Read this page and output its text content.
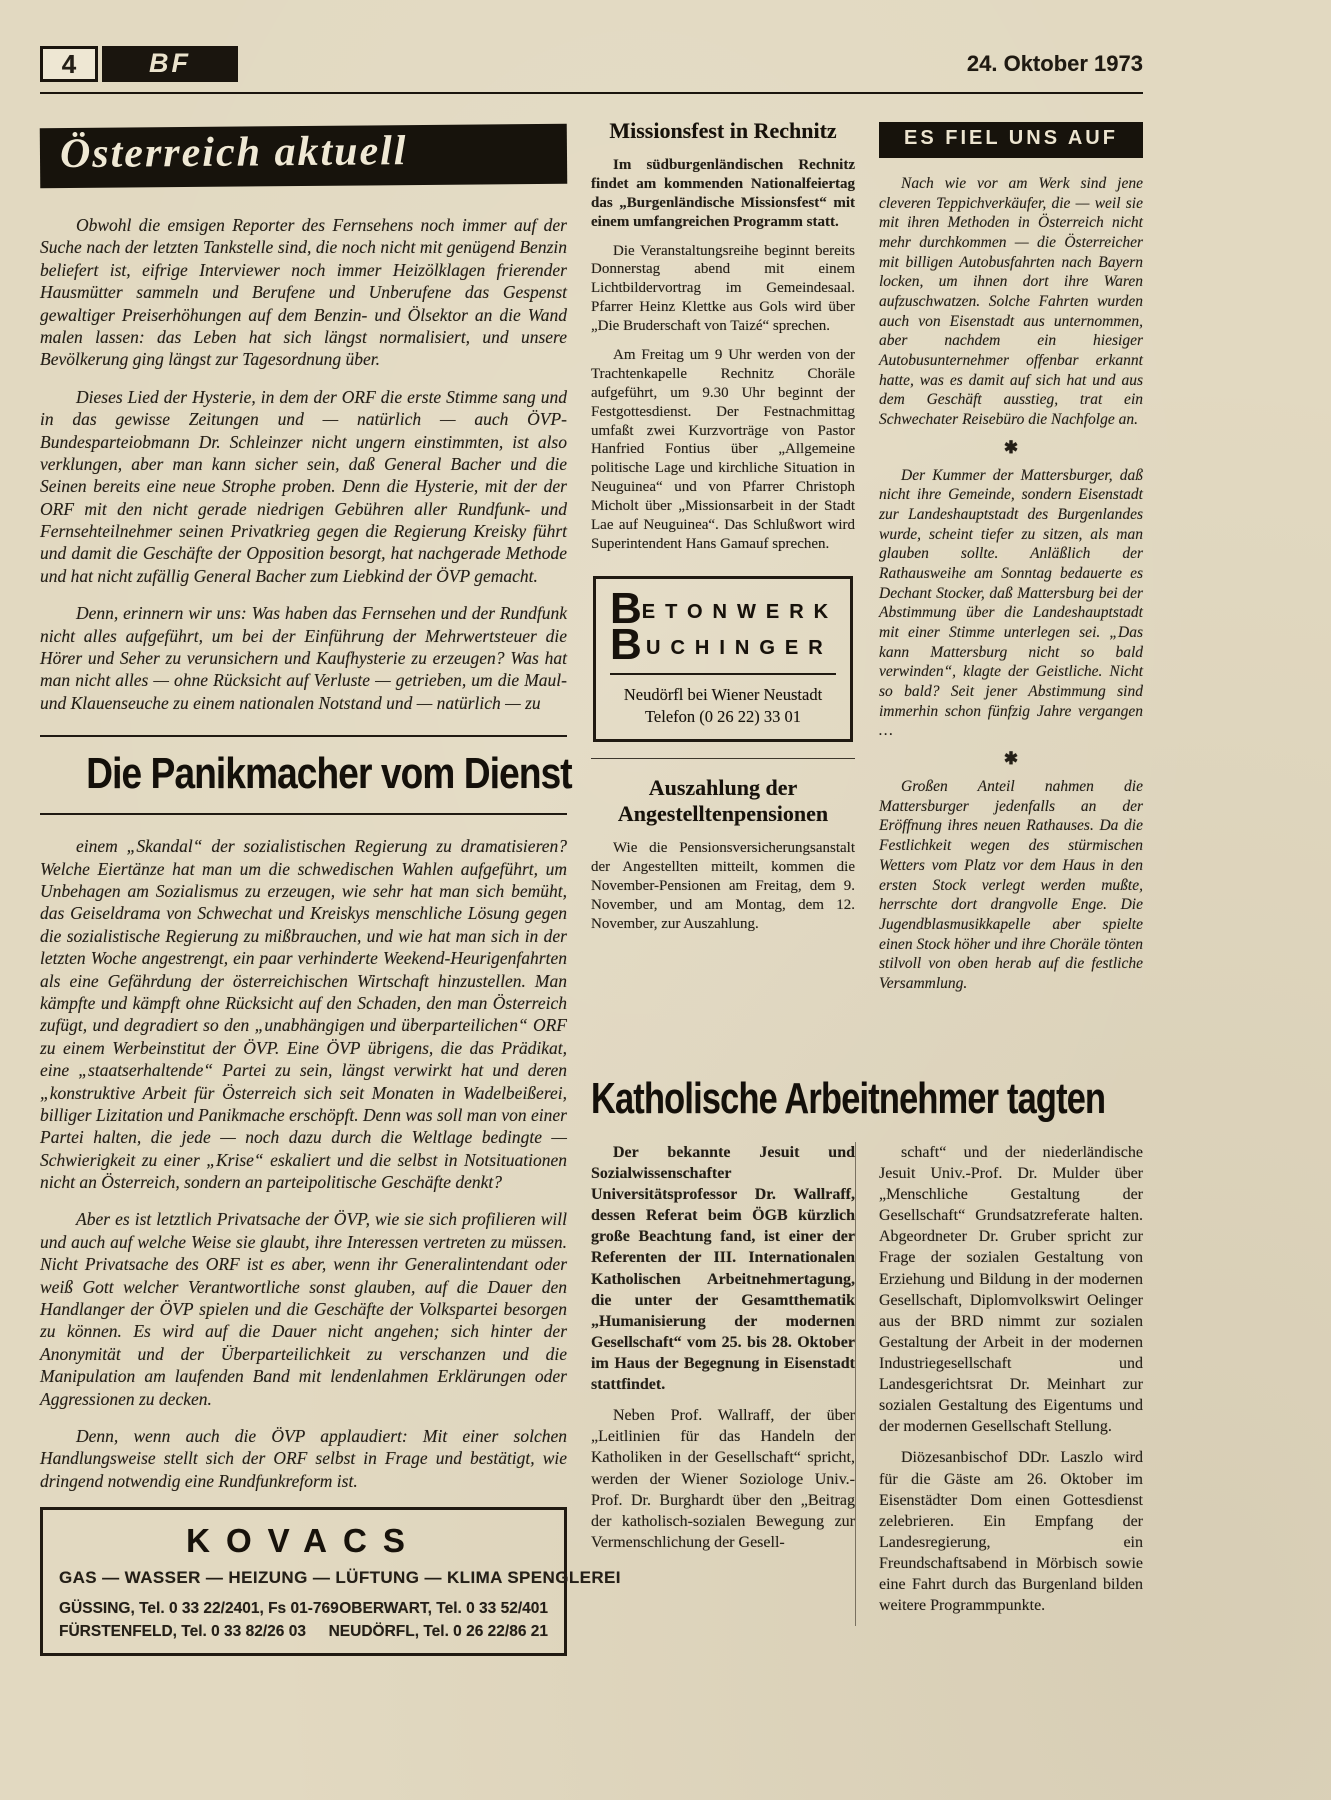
4	BF	24. Oktober 1973
Österreich aktuell

Obwohl die emsigen Reporter des Fernsehens noch immer auf der Suche nach der letzten Tankstelle sind, die noch nicht mit genügend Benzin beliefert ist, eifrige Interviewer noch immer Heizölklagen frierender Hausmütter sammeln und Berufene und Unberufene das Gespenst gewaltiger Preiserhöhungen auf dem Benzin- und Ölsektor an die Wand malen lassen: das Leben hat sich längst normalisiert, und unsere Bevölkerung ging längst zur Tagesordnung über.

Dieses Lied der Hysterie, in dem der ORF die erste Stimme sang und in das gewisse Zeitungen und — natürlich — auch ÖVP-Bundesparteiobmann Dr. Schleinzer nicht ungern einstimmten, ist also verklungen, aber man kann sicher sein, daß General Bacher und die Seinen bereits eine neue Strophe proben. Denn die Hysterie, mit der der ORF mit den nicht gerade niedrigen Gebühren aller Rundfunk- und Fernsehteilnehmer seinen Privatkrieg gegen die Regierung Kreisky führt und damit die Geschäfte der Opposition besorgt, hat nachgerade Methode und hat nicht zufällig General Bacher zum Liebkind der ÖVP gemacht.

Denn, erinnern wir uns: Was haben das Fernsehen und der Rundfunk nicht alles aufgeführt, um bei der Einführung der Mehrwertsteuer die Hörer und Seher zu verunsichern und Kaufhysterie zu erzeugen? Was hat man nicht alles — ohne Rücksicht auf Verluste — getrieben, um die Maul- und Klauenseuche zu einem nationalen Notstand und — natürlich — zu

Die Panikmacher vom Dienst

einem „Skandal“ der sozialistischen Regierung zu dramatisieren? Welche Eiertänze hat man um die schwedischen Wahlen aufgeführt, um Unbehagen am Sozialismus zu erzeugen, wie sehr hat man sich bemüht, das Geiseldrama von Schwechat und Kreiskys menschliche Lösung gegen die sozialistische Regierung zu mißbrauchen, und wie hat man sich in der letzten Woche angestrengt, ein paar verhinderte Weekend-Heurigenfahrten als eine Gefährdung der österreichischen Wirtschaft hinzustellen. Man kämpfte und kämpft ohne Rücksicht auf den Schaden, den man Österreich zufügt, und degradiert so den „unabhängigen und überparteilichen“ ORF zu einem Werbeinstitut der ÖVP. Eine ÖVP übrigens, die das Prädikat, eine „staatserhaltende“ Partei zu sein, längst verwirkt hat und deren „konstruktive Arbeit für Österreich sich seit Monaten in Wadelbeißerei, billiger Lizitation und Panikmache erschöpft. Denn was soll man von einer Partei halten, die jede — noch dazu durch die Weltlage bedingte — Schwierigkeit zu einer „Krise“ eskaliert und die selbst in Notsituationen nicht an Österreich, sondern an parteipolitische Geschäfte denkt?

Aber es ist letztlich Privatsache der ÖVP, wie sie sich profilieren will und auch auf welche Weise sie glaubt, ihre Interessen vertreten zu müssen. Nicht Privatsache des ORF ist es aber, wenn ihr Generalintendant oder weiß Gott welcher Verantwortliche sonst glauben, auf die Dauer den Handlanger der ÖVP spielen und die Geschäfte der Volkspartei besorgen zu können. Es wird auf die Dauer nicht angehen; sich hinter der Anonymität und der Überparteilichkeit zu verschanzen und die Manipulation am laufenden Band mit lendenlahmen Erklärungen oder Aggressionen zu decken.

Denn, wenn auch die ÖVP applaudiert: Mit einer solchen Handlungsweise stellt sich der ORF selbst in Frage und bestätigt, wie dringend notwendig eine Rundfunkreform ist.

KOVACS
GAS — WASSER — HEIZUNG — LÜFTUNG — KLIMA SPENGLEREI
GÜSSING, Tel. 0 33 22/2401, Fs 01-769 OBERWART, Tel. 0 33 52/401
FÜRSTENFELD, Tel. 0 33 82/26 03 NEUDÖRFL, Tel. 0 26 22/86 21
Missionsfest in Rechnitz

Im südburgenländischen Rechnitz findet am kommenden Nationalfeiertag das „Burgenländische Missionsfest“ mit einem umfangreichen Programm statt.

Die Veranstaltungsreihe beginnt bereits Donnerstag abend mit einem Lichtbildervortrag im Gemeindesaal. Pfarrer Heinz Klettke aus Gols wird über „Die Bruderschaft von Taizé“ sprechen.

Am Freitag um 9 Uhr werden von der Trachtenkapelle Rechnitz Choräle aufgeführt, um 9.30 Uhr beginnt der Festgottesdienst. Der Festnachmittag umfaßt zwei Kurzvorträge von Pastor Hanfried Fontius über „Allgemeine politische Lage und kirchliche Situation in Neuguinea“ und von Pfarrer Christoph Micholt über „Missionsarbeit in der Stadt Lae auf Neuguinea“. Das Schlußwort wird Superintendent Hans Gamauf sprechen.

B ETONWERK
B UCHINGER
Neudörfl bei Wiener Neustadt
Telefon (0 26 22) 33 01
Auszahlung der
Angestelltenpensionen

Wie die Pensionsversicherungsanstalt der Angestellten mitteilt, kommen die November-Pensionen am Freitag, dem 9. November, und am Montag, dem 12. November, zur Auszahlung.

ES FIEL UNS AUF

Nach wie vor am Werk sind jene cleveren Teppichverkäufer, die — weil sie mit ihren Methoden in Österreich nicht mehr durchkommen — die Österreicher mit billigen Autobusfahrten nach Bayern locken, um ihnen dort ihre Waren aufzuschwatzen. Solche Fahrten wurden auch von Eisenstadt aus unternommen, aber nachdem ein hiesiger Autobusunternehmer offenbar erkannt hatte, was es damit auf sich hat und aus dem Geschäft ausstieg, trat ein Schwechater Reisebüro die Nachfolge an.

✱

Der Kummer der Mattersburger, daß nicht ihre Gemeinde, sondern Eisenstadt zur Landeshauptstadt des Burgenlandes wurde, scheint tiefer zu sitzen, als man glauben sollte. Anläßlich der Rathausweihe am Sonntag bedauerte es Dechant Stocker, daß Mattersburg bei der Abstimmung über die Landeshauptstadt mit einer Stimme unterlegen sei. „Das kann Mattersburg nicht so bald verwinden“, klagte der Geistliche. Nicht so bald? Seit jener Abstimmung sind immerhin schon fünfzig Jahre vergangen …

✱

Großen Anteil nahmen die Mattersburger jedenfalls an der Eröffnung ihres neuen Rathauses. Da die Festlichkeit wegen des stürmischen Wetters vom Platz vor dem Haus in den ersten Stock verlegt werden mußte, herrschte dort drangvolle Enge. Die Jugendblasmusikkapelle aber spielte einen Stock höher und ihre Choräle tönten stilvoll von oben herab auf die festliche Versammlung.

Katholische Arbeitnehmer tagten

Der bekannte Jesuit und Sozialwissenschafter Universitätsprofessor Dr. Wallraff, dessen Referat beim ÖGB kürzlich große Beachtung fand, ist einer der Referenten der III. Internationalen Katholischen Arbeitnehmertagung, die unter der Gesamtthematik „Humanisierung der modernen Gesellschaft“ vom 25. bis 28. Oktober im Haus der Begegnung in Eisenstadt stattfindet.

Neben Prof. Wallraff, der über „Leitlinien für das Handeln der Katholiken in der Gesellschaft“ spricht, werden der Wiener Soziologe Univ.-Prof. Dr. Burghardt über den „Beitrag der katholisch-sozialen Bewegung zur Vermenschlichung der Gesell-

schaft“ und der niederländische Jesuit Univ.-Prof. Dr. Mulder über „Menschliche Gestaltung der Gesellschaft“ Grundsatzreferate halten. Abgeordneter Dr. Gruber spricht zur Frage der sozialen Gestaltung von Erziehung und Bildung in der modernen Gesellschaft, Diplomvolkswirt Oelinger aus der BRD nimmt zur sozialen Gestaltung der Arbeit in der modernen Industriegesellschaft und Landesgerichtsrat Dr. Meinhart zur sozialen Gestaltung des Eigentums und der modernen Gesellschaft Stellung.

Diözesanbischof DDr. Laszlo wird für die Gäste am 26. Oktober im Eisenstädter Dom einen Gottesdienst zelebrieren. Ein Empfang der Landesregierung, ein Freundschaftsabend in Mörbisch sowie eine Fahrt durch das Burgenland bilden weitere Programmpunkte.
